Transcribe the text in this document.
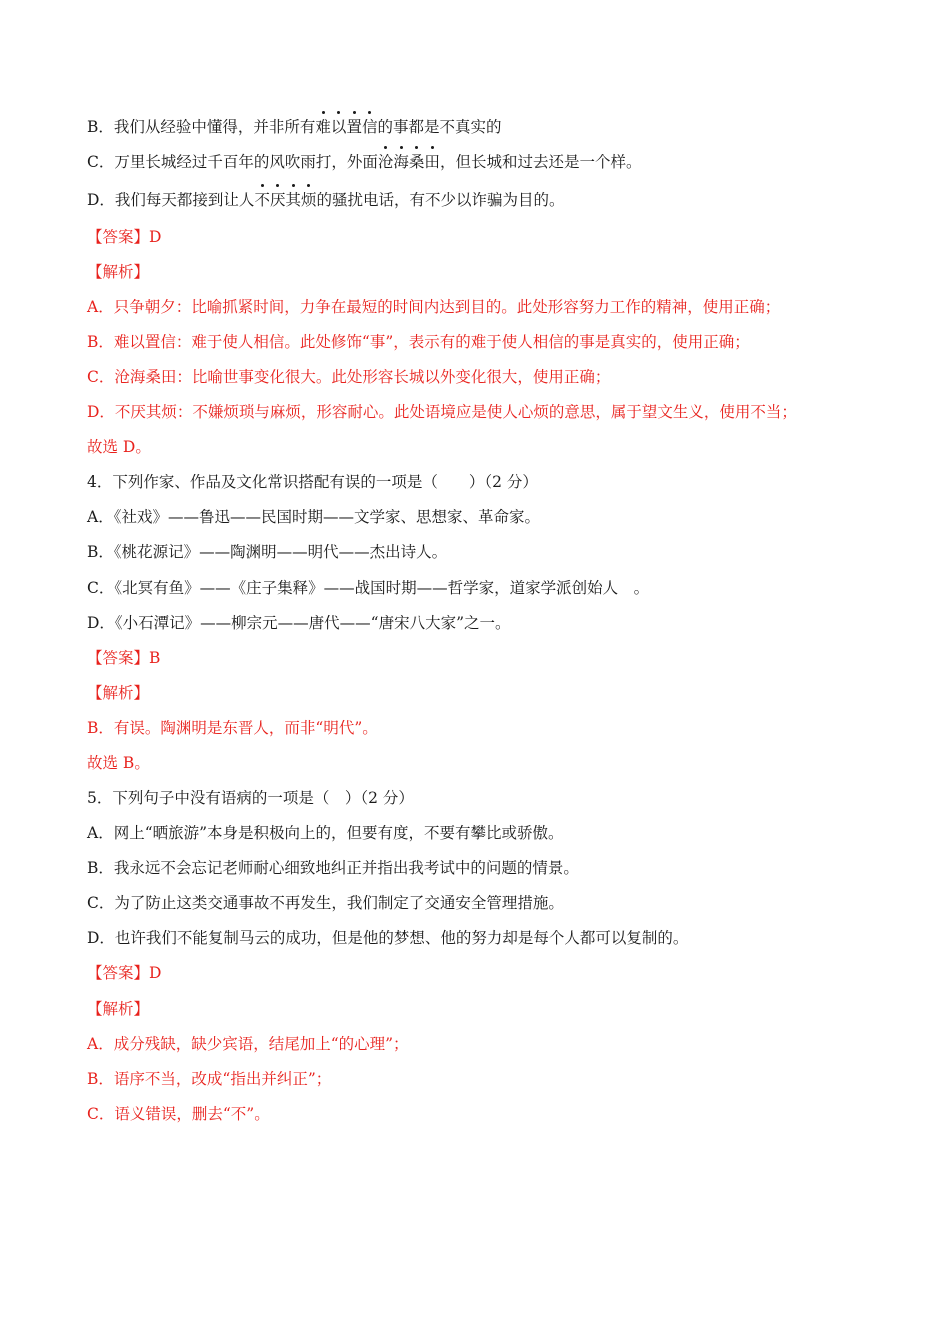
B．我们从经验中懂得，并非所有难以置信的事都是不真实的

C．万里长城经过千百年的风吹雨打，外面沧海桑田，但长城和过去还是一个样。

D．我们每天都接到让人不厌其烦的骚扰电话，有不少以诈骗为目的。

【答案】D

【解析】

A．只争朝夕：比喻抓紧时间，力争在最短的时间内达到目的。此处形容努力工作的精神，使用正确；

B．难以置信：难于使人相信。此处修饰“事”，表示有的难于使人相信的事是真实的，使用正确；

C．沧海桑田：比喻世事变化很大。此处形容长城以外变化很大，使用正确；

D．不厌其烦：不嫌烦琐与麻烦，形容耐心。此处语境应是使人心烦的意思，属于望文生义，使用不当；

故选 D。

4．下列作家、作品及文化常识搭配有误的一项是（　　）（2 分）

A．《社戏》——鲁迅——民国时期——文学家、思想家、革命家。

B．《桃花源记》——陶渊明——明代——杰出诗人。

C．《北冥有鱼》——《庄子集释》——战国时期——哲学家，道家学派创始人　。

D．《小石潭记》——柳宗元——唐代——“唐宋八大家”之一。

【答案】B

【解析】

B．有误。陶渊明是东晋人，而非“明代”。

故选 B。

5．下列句子中没有语病的一项是（　）（2 分）

A．网上“晒旅游”本身是积极向上的，但要有度，不要有攀比或骄傲。

B．我永远不会忘记老师耐心细致地纠正并指出我考试中的问题的情景。

C．为了防止这类交通事故不再发生，我们制定了交通安全管理措施。

D．也许我们不能复制马云的成功，但是他的梦想、他的努力却是每个人都可以复制的。

【答案】D

【解析】

A．成分残缺，缺少宾语，结尾加上“的心理”；

B．语序不当，改成“指出并纠正”；

C．语义错误，删去“不”。
